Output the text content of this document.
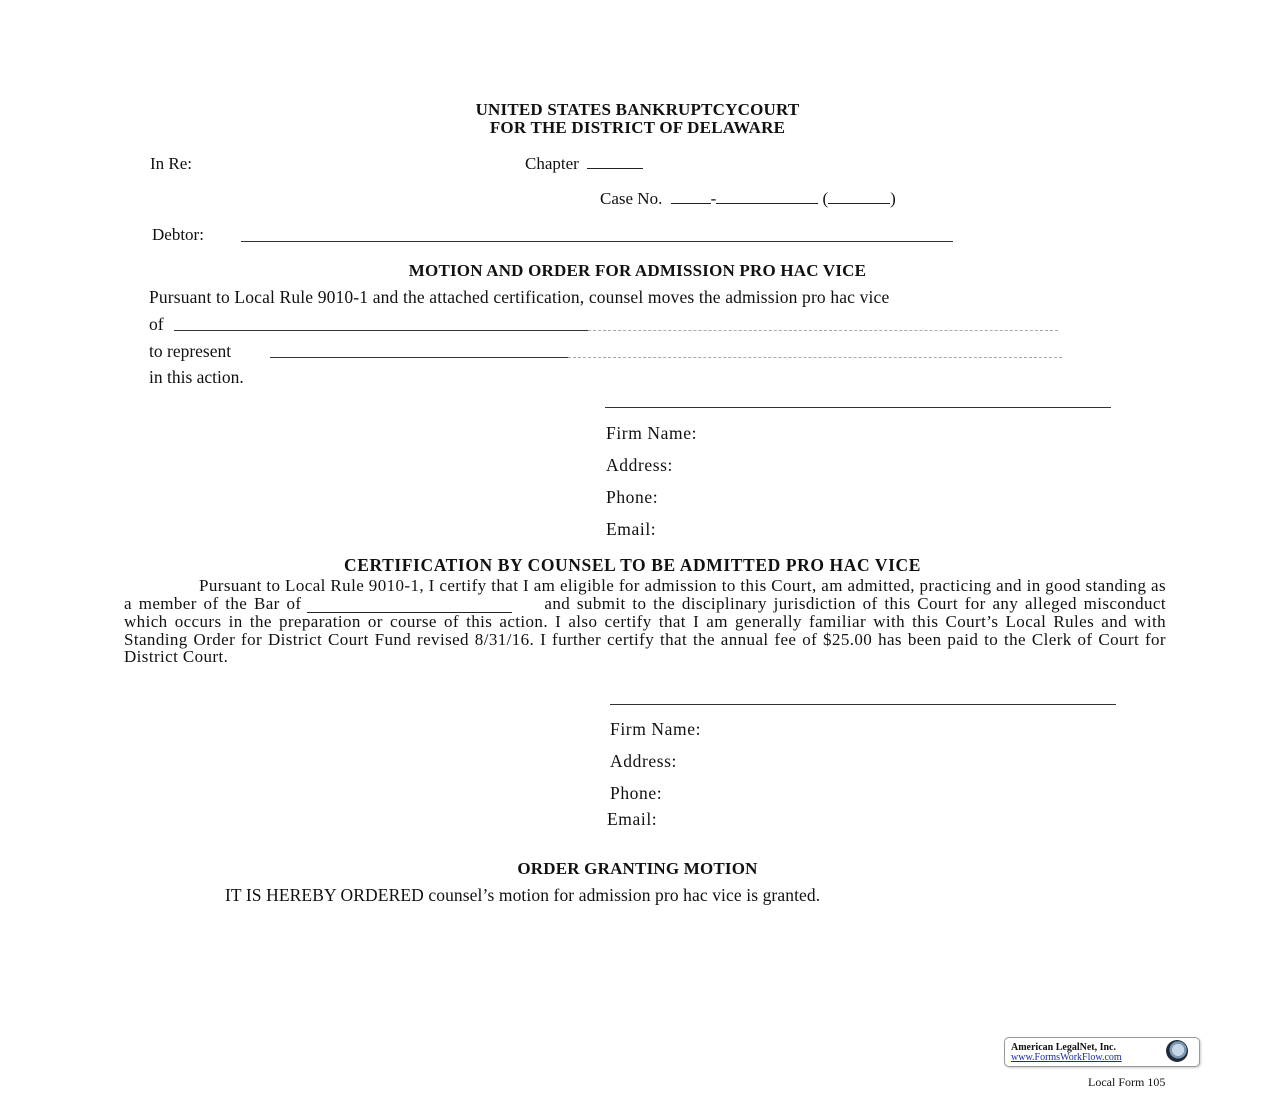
UNITED STATES BANKRUPTCYCOURT
FOR THE DISTRICT OF DELAWARE
In Re:	Chapter
Case No.	-	(	)
Debtor:
MOTION AND ORDER FOR ADMISSION PRO HAC VICE
Pursuant to Local Rule 9010-1 and the attached certification, counsel moves the admission pro hac vice
of
to represent
in this action.
Firm Name:
Address:
Phone:
Email:
CERTIFICATION BY COUNSEL TO BE ADMITTED PRO HAC VICE

Pursuant to Local Rule 9010-1, I certify that I am eligible for admission to this Court, am admitted, practicing and in good standing as a member of the Bar of	and submit to the disciplinary jurisdiction of this Court for any alleged misconduct which occurs in the preparation or course of this action. I also certify that I am generally familiar with this Court’s Local Rules and with Standing Order for District Court Fund revised 8/31/16. I further certify that the annual fee of $25.00 has been paid to the Clerk of Court for District Court.

Firm Name:
Address:
Phone:
Email:
ORDER GRANTING MOTION
IT IS HEREBY ORDERED counsel’s motion for admission pro hac vice is granted.
American LegalNet, Inc.
www.FormsWorkFlow.com
Local Form 105
